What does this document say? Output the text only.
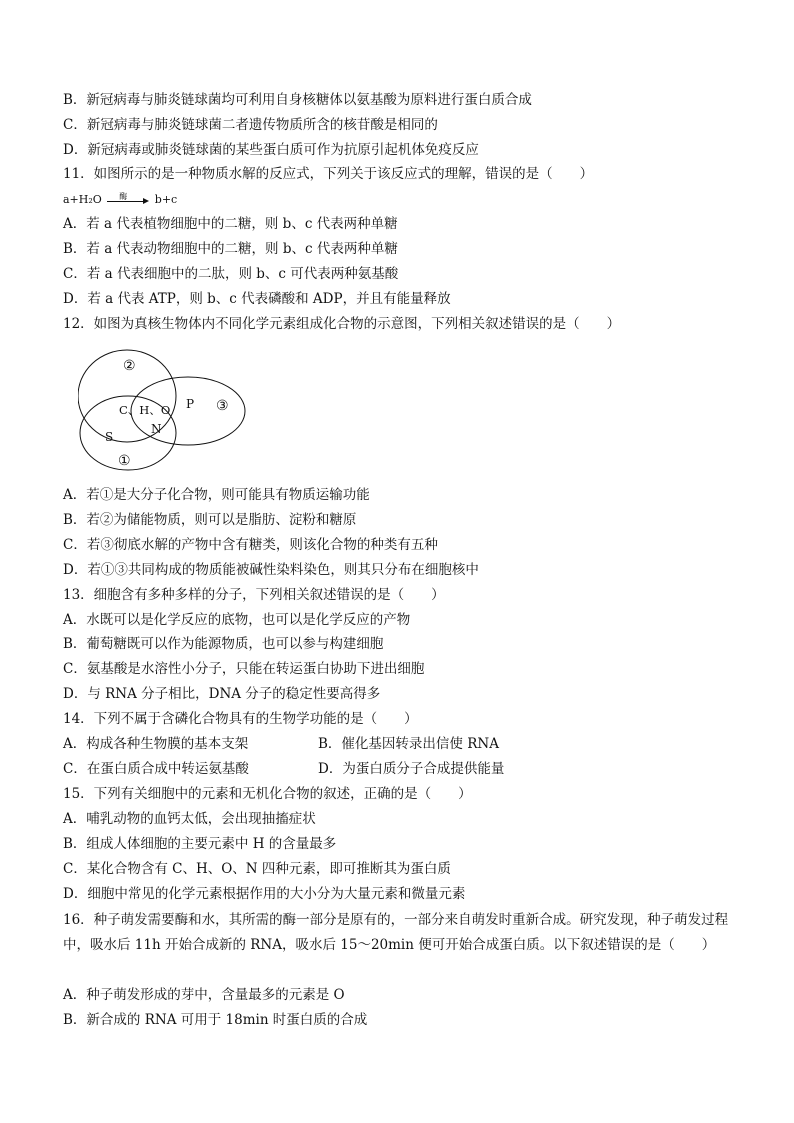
B．新冠病毒与肺炎链球菌均可利用自身核糖体以氨基酸为原料进行蛋白质合成
C．新冠病毒与肺炎链球菌二者遗传物质所含的核苷酸是相同的
D．新冠病毒或肺炎链球菌的某些蛋白质可作为抗原引起机体免疫反应
11．如图所示的是一种物质水解的反应式，下列关于该反应式的理解，错误的是（　　）
a+H₂O 酶	b+c
A．若 a 代表植物细胞中的二糖，则 b、c 代表两种单糖
B．若 a 代表动物细胞中的二糖，则 b、c 代表两种单糖
C．若 a 代表细胞中的二肽，则 b、c 可代表两种氨基酸
D．若 a 代表 ATP，则 b、c 代表磷酸和 ADP，并且有能量释放
12．如图为真核生物体内不同化学元素组成化合物的示意图，下列相关叙述错误的是（　　）
②
③
①
C、H、O P
N
S
A．若①是大分子化合物，则可能具有物质运输功能
B．若②为储能物质，则可以是脂肪、淀粉和糖原
C．若③彻底水解的产物中含有糖类，则该化合物的种类有五种
D．若①③共同构成的物质能被碱性染料染色，则其只分布在细胞核中
13．细胞含有多种多样的分子，下列相关叙述错误的是（　　）
A．水既可以是化学反应的底物，也可以是化学反应的产物
B．葡萄糖既可以作为能源物质，也可以参与构建细胞
C．氨基酸是水溶性小分子，只能在转运蛋白协助下进出细胞
D．与 RNA 分子相比，DNA 分子的稳定性要高得多
14．下列不属于含磷化合物具有的生物学功能的是（　　）
A．构成各种生物膜的基本支架	B．催化基因转录出信使 RNA
C．在蛋白质合成中转运氨基酸	D．为蛋白质分子合成提供能量
15．下列有关细胞中的元素和无机化合物的叙述，正确的是（　　）
A．哺乳动物的血钙太低，会出现抽搐症状
B．组成人体细胞的主要元素中 H 的含量最多
C．某化合物含有 C、H、O、N 四种元素，即可推断其为蛋白质
D．细胞中常见的化学元素根据作用的大小分为大量元素和微量元素
16．种子萌发需要酶和水，其所需的酶一部分是原有的，一部分来自萌发时重新合成。研究发现，种子萌发过程中，吸水后 11h 开始合成新的 RNA，吸水后 15～20min 便可开始合成蛋白质。以下叙述错误的是（　　）
A．种子萌发形成的芽中，含量最多的元素是 O
B．新合成的 RNA 可用于 18min 时蛋白质的合成
